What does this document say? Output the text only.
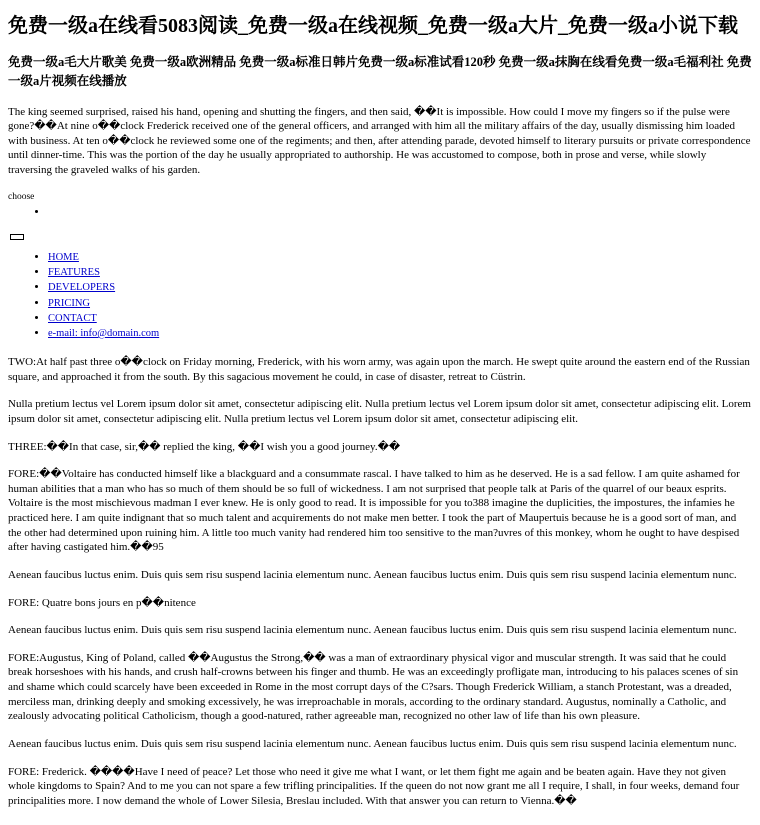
免费一级a在线看5083阅读_免费一级a在线视频_免费一级a大片_免费一级a小说下载
免费一级a毛大片歌美 免费一级a欧洲精品 免费一级a标准日韩片免费一级a标准试看120秒 免费一级a抹胸在线看免费一级a毛福利社 免费一级a片视频在线播放

The king seemed surprised, raised his hand, opening and shutting the fingers, and then said, ��It is impossible. How could I move my fingers so if the pulse were gone?��At nine o��clock Frederick received one of the general officers, and arranged with him all the military affairs of the day, usually dismissing him loaded with business. At ten o��clock he reviewed some one of the regiments; and then, after attending parade, devoted himself to literary pursuits or private correspondence until dinner-time. This was the portion of the day he usually appropriated to authorship. He was accustomed to compose, both in prose and verse, while slowly traversing the graveled walks of his garden.

choose
•
• HOME
• FEATURES
• DEVELOPERS
• PRICING
• CONTACT
• e-mail: info@domain.com

TWO:At half past three o��clock on Friday morning, Frederick, with his worn army, was again upon the march. He swept quite around the eastern end of the Russian square, and approached it from the south. By this sagacious movement he could, in case of disaster, retreat to Cüstrin.

Nulla pretium lectus vel Lorem ipsum dolor sit amet, consectetur adipiscing elit. Nulla pretium lectus vel Lorem ipsum dolor sit amet, consectetur adipiscing elit. Lorem ipsum dolor sit amet, consectetur adipiscing elit. Nulla pretium lectus vel Lorem ipsum dolor sit amet, consectetur adipiscing elit.

THREE:��In that case, sir,�� replied the king, ��I wish you a good journey.��

FORE:��Voltaire has conducted himself like a blackguard and a consummate rascal. I have talked to him as he deserved. He is a sad fellow. I am quite ashamed for human abilities that a man who has so much of them should be so full of wickedness. I am not surprised that people talk at Paris of the quarrel of our beaux esprits. Voltaire is the most mischievous madman I ever knew. He is only good to read. It is impossible for you to388 imagine the duplicities, the impostures, the infamies he practiced here. I am quite indignant that so much talent and acquirements do not make men better. I took the part of Maupertuis because he is a good sort of man, and the other had determined upon ruining him. A little too much vanity had rendered him too sensitive to the man?uvres of this monkey, whom he ought to have despised after having castigated him.��95

Aenean faucibus luctus enim. Duis quis sem risu suspend lacinia elementum nunc. Aenean faucibus luctus enim. Duis quis sem risu suspend lacinia elementum nunc.

FORE: Quatre bons jours en p��nitence

Aenean faucibus luctus enim. Duis quis sem risu suspend lacinia elementum nunc. Aenean faucibus luctus enim. Duis quis sem risu suspend lacinia elementum nunc.

FORE:Augustus, King of Poland, called ��Augustus the Strong,�� was a man of extraordinary physical vigor and muscular strength. It was said that he could break horseshoes with his hands, and crush half-crowns between his finger and thumb. He was an exceedingly profligate man, introducing to his palaces scenes of sin and shame which could scarcely have been exceeded in Rome in the most corrupt days of the C?sars. Though Frederick William, a stanch Protestant, was a dreaded, merciless man, drinking deeply and smoking excessively, he was irreproachable in morals, according to the ordinary standard. Augustus, nominally a Catholic, and zealously advocating political Catholicism, though a good-natured, rather agreeable man, recognized no other law of life than his own pleasure.

Aenean faucibus luctus enim. Duis quis sem risu suspend lacinia elementum nunc. Aenean faucibus luctus enim. Duis quis sem risu suspend lacinia elementum nunc.

FORE: Frederick. ����Have I need of peace? Let those who need it give me what I want, or let them fight me again and be beaten again. Have they not given whole kingdoms to Spain? And to me you can not spare a few trifling principalities. If the queen do not now grant me all I require, I shall, in four weeks, demand four principalities more. I now demand the whole of Lower Silesia, Breslau included. With that answer you can return to Vienna.��
